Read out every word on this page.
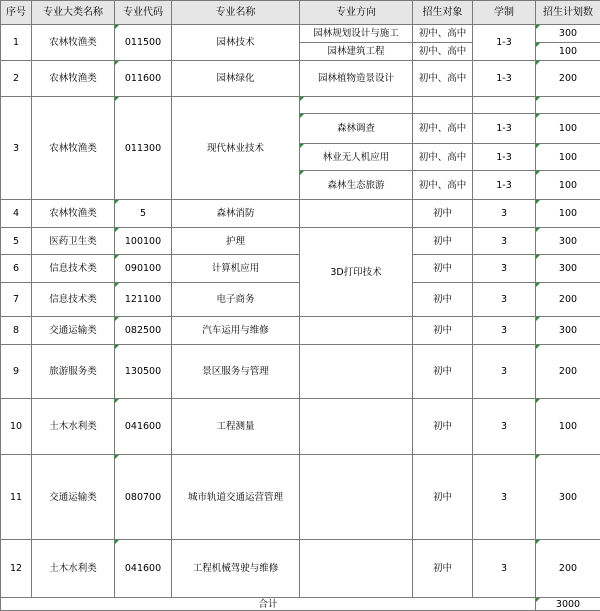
序号	专业大类名称	专业代码	专业名称	专业方向	招生对象	学制	招生计划数
1	农林牧渔类	011500	园林技术	园林规划设计与施工	初中、高中	1-3	300
				园林建筑工程	初中、高中		100
2	农林牧渔类	011600	园林绿化	园林植物造景设计	初中、高中	1-3	200
3	农林牧渔类	011300	现代林业技术				
				森林调查	初中、高中	1-3	100
				林业无人机应用	初中、高中	1-3	100
				森林生态旅游	初中、高中	1-3	100
4	农林牧渔类	5	森林消防		初中	3	100
5	医药卫生类	100100	护理	3D打印技术	初中	3	300
6	信息技术类	090100	计算机应用		初中	3	300
7	信息技术类	121100	电子商务		初中	3	200
8	交通运输类	082500	汽车运用与维修		初中	3	300
9	旅游服务类	130500	景区服务与管理		初中	3	200

10	土木水利类	041600	工程测量		初中	3	100

11	交通运输类	080700	城市轨道交通运营管理		初中	3	300

12	土木水利类	041600	工程机械驾驶与维修		初中	3	200

合计							3000
